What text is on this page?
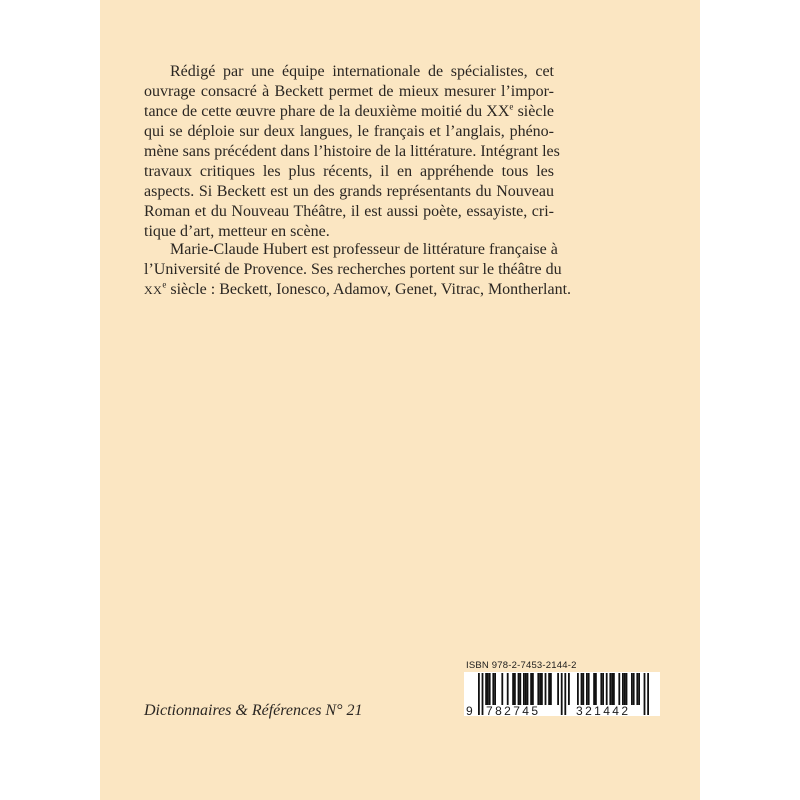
Rédigé par une équipe internationale de spécialistes, cet
ouvrage consacré à Beckett permet de mieux mesurer l’impor-
tance de cette œuvre phare de la deuxième moitié du XXe siècle
qui se déploie sur deux langues, le français et l’anglais, phéno-
mène sans précédent dans l’histoire de la littérature. Intégrant les
travaux critiques les plus récents, il en appréhende tous les
aspects. Si Beckett est un des grands représentants du Nouveau
Roman et du Nouveau Théâtre, il est aussi poète, essayiste, cri-
tique d’art, metteur en scène.
Marie-Claude Hubert est professeur de littérature française à
l’Université de Provence. Ses recherches portent sur le théâtre du
XXe siècle : Beckett, Ionesco, Adamov, Genet, Vitrac, Montherlant.
Dictionnaires & Références N° 21
ISBN 978-2-7453-2144-2
9 782745	321442
